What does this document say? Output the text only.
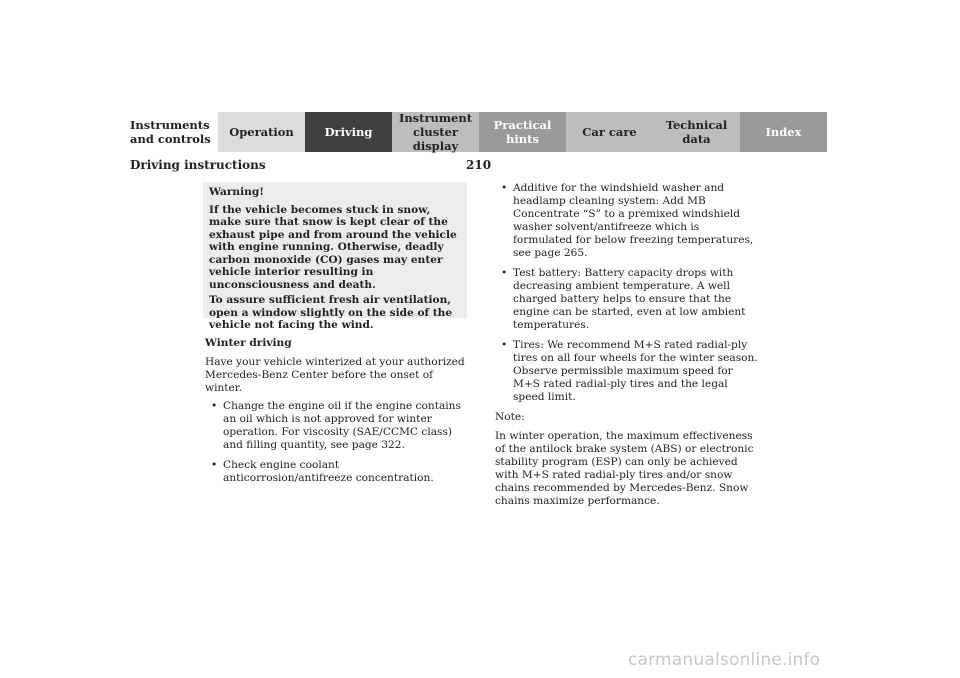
Instruments
and controls	Operation	Driving
Instrument
cluster display
Practical hints	Car care	Technical
data	Index
Driving instructions	210
Warning!
If the vehicle becomes stuck in snow, make sure that snow is kept clear of the exhaust pipe and from around the vehicle with engine running. Otherwise, deadly carbon monoxide (CO) gases may enter vehicle interior resulting in unconsciousness and death.
To assure sufficient fresh air ventilation, open a window slightly on the side of the vehicle not facing the wind.
Winter driving
Have your vehicle winterized at your authorized Mercedes-Benz Center before the onset of winter.
• Change the engine oil if the engine contains an oil which is not approved for winter operation. For viscosity (SAE/CCMC class) and filling quantity, see page 322.
• Check engine coolant anticorrosion/antifreeze concentration.
• Additive for the windshield washer and headlamp cleaning system: Add MB Concentrate “S” to a premixed windshield washer solvent/antifreeze which is formulated for below freezing temperatures, see page 265.
• Test battery: Battery capacity drops with decreasing ambient temperature. A well charged battery helps to ensure that the engine can be started, even at low ambient temperatures.
• Tires: We recommend M+S rated radial-ply tires on all four wheels for the winter season. Observe permissible maximum speed for M+S rated radial-ply tires and the legal speed limit.
Note:
In winter operation, the maximum effectiveness of the antilock brake system (ABS) or electronic stability program (ESP) can only be achieved with M+S rated radial-ply tires and/or snow chains recommended by Mercedes-Benz. Snow chains maximize performance.
carmanualsonline.info
